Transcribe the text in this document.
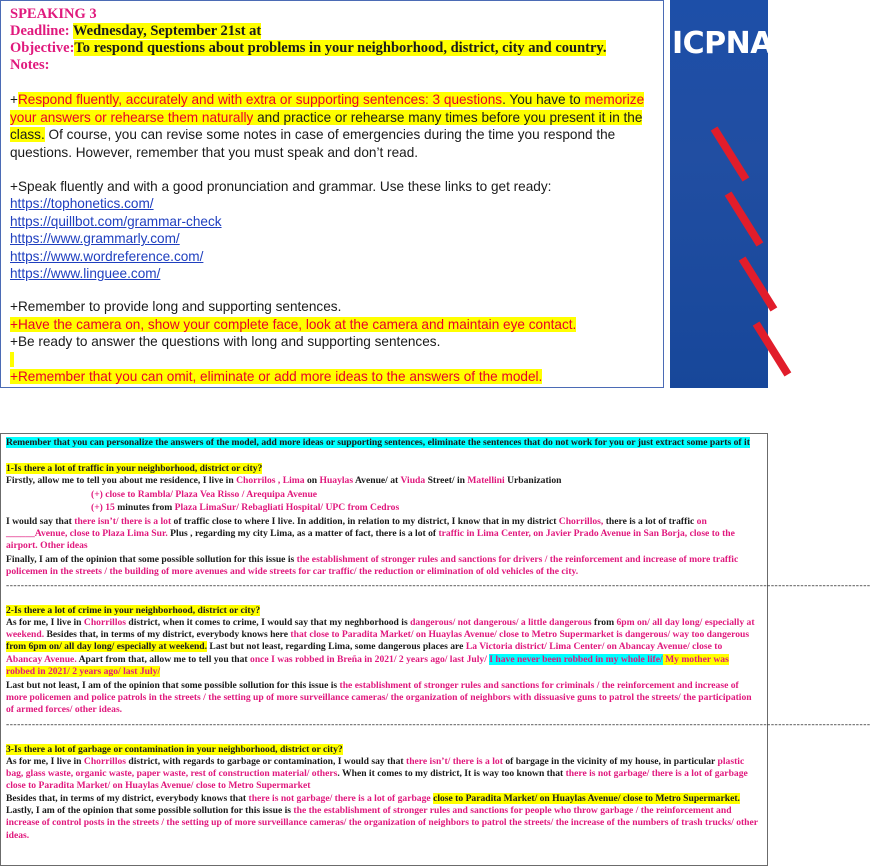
SPEAKING 3
Deadline: Wednesday, September 21st at
Objective:To respond questions about problems in your neighborhood, district, city and country.
Notes:
+Respond fluently, accurately and with extra or supporting sentences: 3 questions. You have to memorize your answers or rehearse them naturally and practice or rehearse many times before you present it in the class. Of course, you can revise some notes in case of emergencies during the time you respond the questions. However, remember that you must speak and don’t read.
+Speak fluently and with a good pronunciation and grammar. Use these links to get ready:
https://tophonetics.com/
https://quillbot.com/grammar-check
https://www.grammarly.com/
https://www.wordreference.com/
https://www.linguee.com/
+Remember to provide long and supporting sentences.
+Have the camera on, show your complete face, look at the camera and maintain eye contact.
+Be ready to answer the questions with long and supporting sentences.
​
+Remember that you can omit, eliminate or add more ideas to the answers of the model.
ICPNA
Remember that you can personalize the answers of the model, add more ideas or supporting sentences, eliminate the sentences that do not work for you or just extract some parts of it
1-Is there a lot of traffic in your neighborhood, district or city?
Firstly, allow me to tell you about me residence, I live in Chorrilos , Lima on Huaylas Avenue/ at Viuda Street/ in Matellini Urbanization
(+) close to Rambla/ Plaza Vea Risso / Arequipa Avenue
(+) 15 minutes from Plaza LimaSur/ Rebagliati Hospital/ UPC from Cedros
I would say that there isn’t/ there is a lot of traffic close to where I live. In addition, in relation to my district, I know that in my district Chorrillos, there is a lot of traffic on ______Avenue, close to Plaza Lima Sur. Plus , regarding my city Lima, as a matter of fact, there is a lot of traffic in Lima Center, on Javier Prado Avenue in San Borja, close to the airport. Other ideas
Finally, I am of the opinion that some possible sollution for this issue is the establishment of stronger rules and sanctions for drivers / the reinforcement and increase of more traffic policemen in the streets / the building of more avenues and wide streets for car traffic/ the reduction or elimination of old vehicles of the city.
------------------------------------------------------------------------------------------------------------------------------------------------------------------------------------------------------------------------------------------
2-Is there a lot of crime in your neighborhood, district or city?
As for me, I live in Chorrillos district, when it comes to crime, I would say that my neghborhood is dangerous/ not dangerous/ a little dangerous from 6pm on/ all day long/ especially at weekend. Besides that, in terms of my district, everybody knows here that close to Paradita Market/ on Huaylas Avenue/ close to Metro Supermarket is dangerous/ way too dangerous from 6pm on/ all day long/ especially at weekend. Last but not least, regarding Lima, some dangerous places are La Victoria district/ Lima Center/ on Abancay Avenue/ close to Abancay Avenue. Apart from that, allow me to tell you that once I was robbed in Breña in 2021/ 2 years ago/ last July/ I have never been robbed in my whole life/ My mother was robbed in 2021/ 2 years ago/ last July/
Last but not least, I am of the opinion that some possible sollution for this issue is the establishment of stronger rules and sanctions for criminals / the reinforcement and increase of more policemen and police patrols in the streets / the setting up of more surveillance cameras/ the organization of neighbors with dissuasive guns to patrol the streets/ the participation of armed forces/ other ideas.
------------------------------------------------------------------------------------------------------------------------------------------------------------------------------------------------------------------------------------------
3-Is there a lot of garbage or contamination in your neighborhood, district or city?
As for me, I live in Chorrillos district, with regards to garbage or contamination, I would say that there isn’t/ there is a lot of bargage in the vicinity of my house, in particular plastic bag, glass waste, organic waste, paper waste, rest of construction material/ others. When it comes to my district, It is way too known that there is not garbage/ there is a lot of garbage close to Paradita Market/ on Huaylas Avenue/ close to Metro Supermarket
Besides that, in terms of my district, everybody knows that there is not garbage/ there is a lot of garbage close to Paradita Market/ on Huaylas Avenue/ close to Metro Supermarket. Lastly, I am of the opinion that some possible sollution for this issue is the the establishment of stronger rules and sanctions for people who throw garbage / the reinforcement and increase of control posts in the streets / the setting up of more surveillance cameras/ the organization of neighbors to patrol the streets/ the increase of the numbers of trash trucks/ other ideas.
